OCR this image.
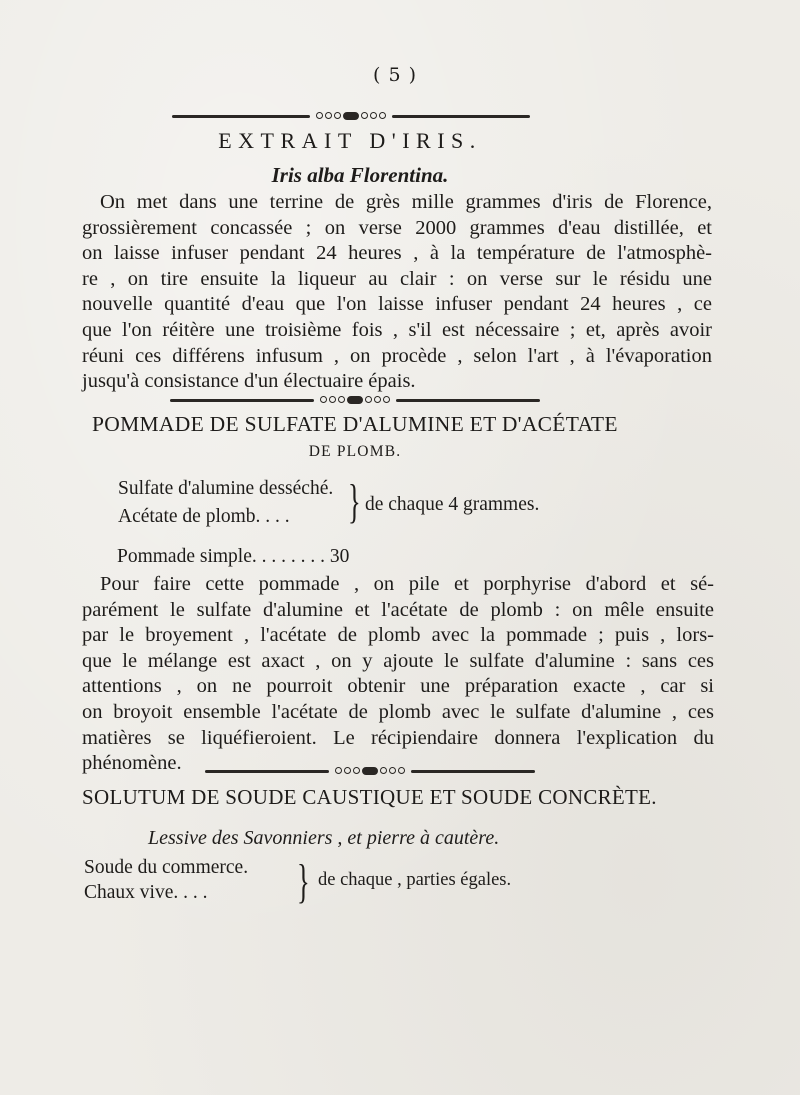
( 5 )
EXTRAIT D'IRIS.
Iris alba Florentina.
On met dans une terrine de grès mille grammes d'iris de Florence,
grossièrement concassée ; on verse 2000 grammes d'eau distillée, et
on laisse infuser pendant 24 heures , à la température de l'atmosphè-
re , on tire ensuite la liqueur au clair : on verse sur le résidu une
nouvelle quantité d'eau que l'on laisse infuser pendant 24 heures , ce
que l'on réitère une troisième fois , s'il est nécessaire ; et, après avoir
réuni ces différens infusum , on procède , selon l'art , à l'évaporation
jusqu'à consistance d'un électuaire épais.
POMMADE DE SULFATE D'ALUMINE ET D'ACÉTATE
DE PLOMB.
Sulfate d'alumine desséché.
Acétate de plomb. . . . } de chaque 4 grammes.
Pommade simple. . . . . . . . 30
Pour faire cette pommade , on pile et porphyrise d'abord et sé-
parément le sulfate d'alumine et l'acétate de plomb : on mêle ensuite
par le broyement , l'acétate de plomb avec la pommade ; puis , lors-
que le mélange est axact , on y ajoute le sulfate d'alumine : sans ces
attentions , on ne pourroit obtenir une préparation exacte , car si
on broyoit ensemble l'acétate de plomb avec le sulfate d'alumine , ces
matières se liquéfieroient. Le récipiendaire donnera l'explication du
phénomène.
SOLUTUM DE SOUDE CAUSTIQUE ET SOUDE CONCRÈTE.
Lessive des Savonniers , et pierre à cautère.
Soude du commerce.
Chaux vive. . . . } de chaque , parties égales.
